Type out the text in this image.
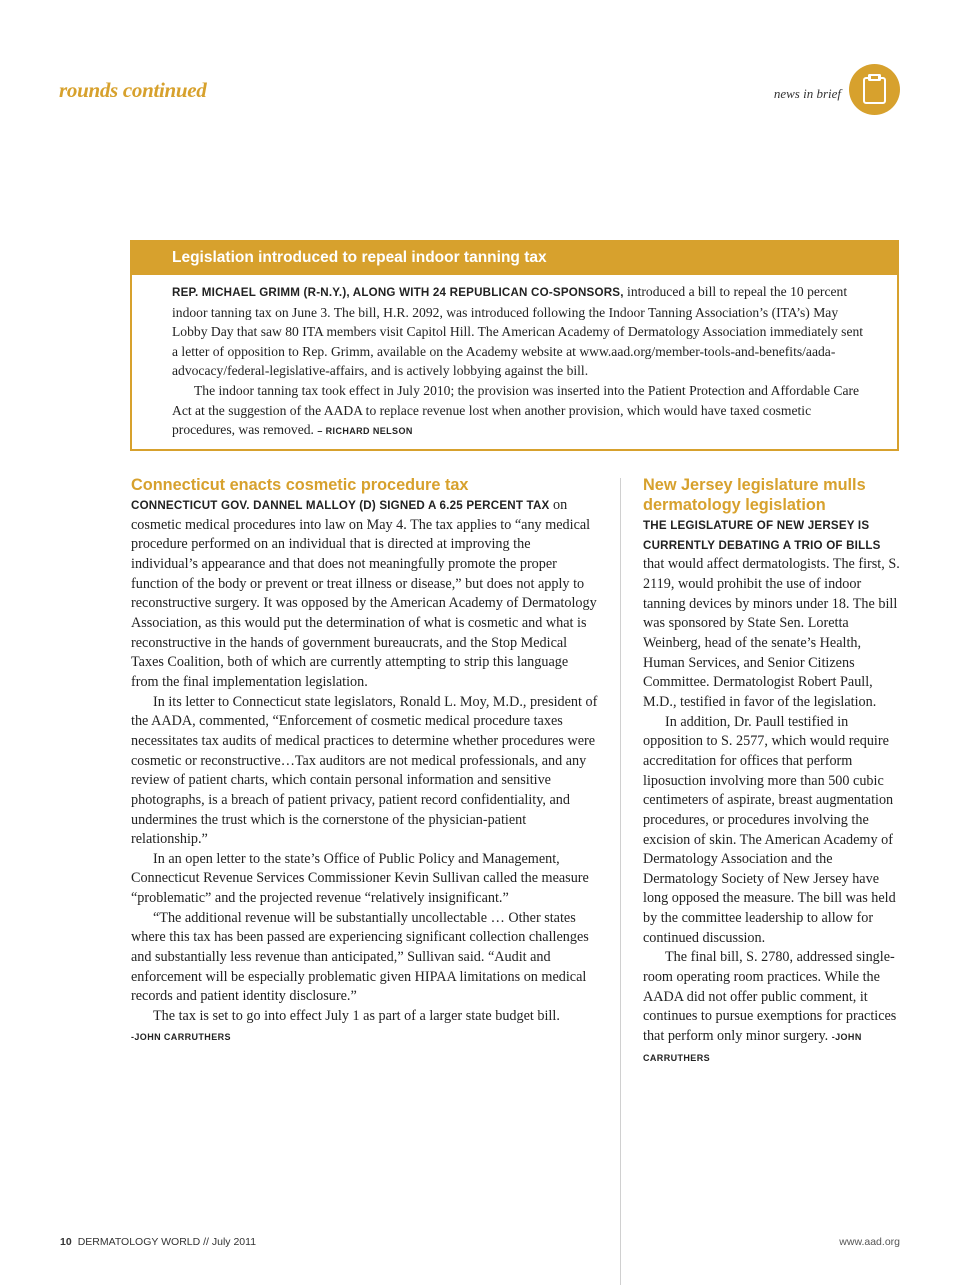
rounds continued	news in brief
Legislation introduced to repeal indoor tanning tax

REP. MICHAEL GRIMM (R-N.Y.), ALONG WITH 24 REPUBLICAN CO-SPONSORS, introduced a bill to repeal the 10 percent indoor tanning tax on June 3. The bill, H.R. 2092, was introduced following the Indoor Tanning Association’s (ITA’s) May Lobby Day that saw 80 ITA members visit Capitol Hill. The American Academy of Dermatology Association immediately sent a letter of opposition to Rep. Grimm, available on the Academy website at www.aad.org/member-tools-and-benefits/aada-advocacy/federal-legislative-affairs, and is actively lobbying against the bill.

The indoor tanning tax took effect in July 2010; the provision was inserted into the Patient Protection and Affordable Care Act at the suggestion of the AADA to replace revenue lost when another provision, which would have taxed cosmetic procedures, was removed. – RICHARD NELSON

Connecticut enacts cosmetic procedure tax

CONNECTICUT GOV. DANNEL MALLOY (D) SIGNED A 6.25 PERCENT TAX on cosmetic medical procedures into law on May 4. The tax applies to “any medical procedure performed on an individual that is directed at improving the individual’s appearance and that does not meaningfully promote the proper function of the body or prevent or treat illness or disease,” but does not apply to reconstructive surgery. It was opposed by the American Academy of Dermatology Association, as this would put the determination of what is cosmetic and what is reconstructive in the hands of government bureaucrats, and the Stop Medical Taxes Coalition, both of which are currently attempting to strip this language from the final implementation legislation.

In its letter to Connecticut state legislators, Ronald L. Moy, M.D., president of the AADA, commented, “Enforcement of cosmetic medical procedure taxes necessitates tax audits of medical practices to determine whether procedures were cosmetic or reconstructive…Tax auditors are not medical professionals, and any review of patient charts, which contain personal information and sensitive photographs, is a breach of patient privacy, patient record confidentiality, and undermines the trust which is the cornerstone of the physician-patient relationship.”

In an open letter to the state’s Office of Public Policy and Management, Connecticut Revenue Services Commissioner Kevin Sullivan called the measure “problematic” and the projected revenue “relatively insignificant.”

“The additional revenue will be substantially uncollectable … Other states where this tax has been passed are experiencing significant collection challenges and substantially less revenue than anticipated,” Sullivan said. “Audit and enforcement will be especially problematic given HIPAA limitations on medical records and patient identity disclosure.”

The tax is set to go into effect July 1 as part of a larger state budget bill.

-JOHN CARRUTHERS

New Jersey legislature mulls dermatology legislation

THE LEGISLATURE OF NEW JERSEY IS CURRENTLY DEBATING A TRIO OF BILLS that would affect dermatologists. The first, S. 2119, would prohibit the use of indoor tanning devices by minors under 18. The bill was sponsored by State Sen. Loretta Weinberg, head of the senate’s Health, Human Services, and Senior Citizens Committee. Dermatologist Robert Paull, M.D., testified in favor of the legislation.

In addition, Dr. Paull testified in opposition to S. 2577, which would require accreditation for offices that perform liposuction involving more than 500 cubic centimeters of aspirate, breast augmentation procedures, or procedures involving the excision of skin. The American Academy of Dermatology Association and the Dermatology Society of New Jersey have long opposed the measure. The bill was held by the committee leadership to allow for continued discussion.

The final bill, S. 2780, addressed single-room operating room practices. While the AADA did not offer public comment, it continues to pursue exemptions for practices that perform only minor surgery. -JOHN CARRUTHERS

10 DERMATOLOGY WORLD // July 2011	www.aad.org
